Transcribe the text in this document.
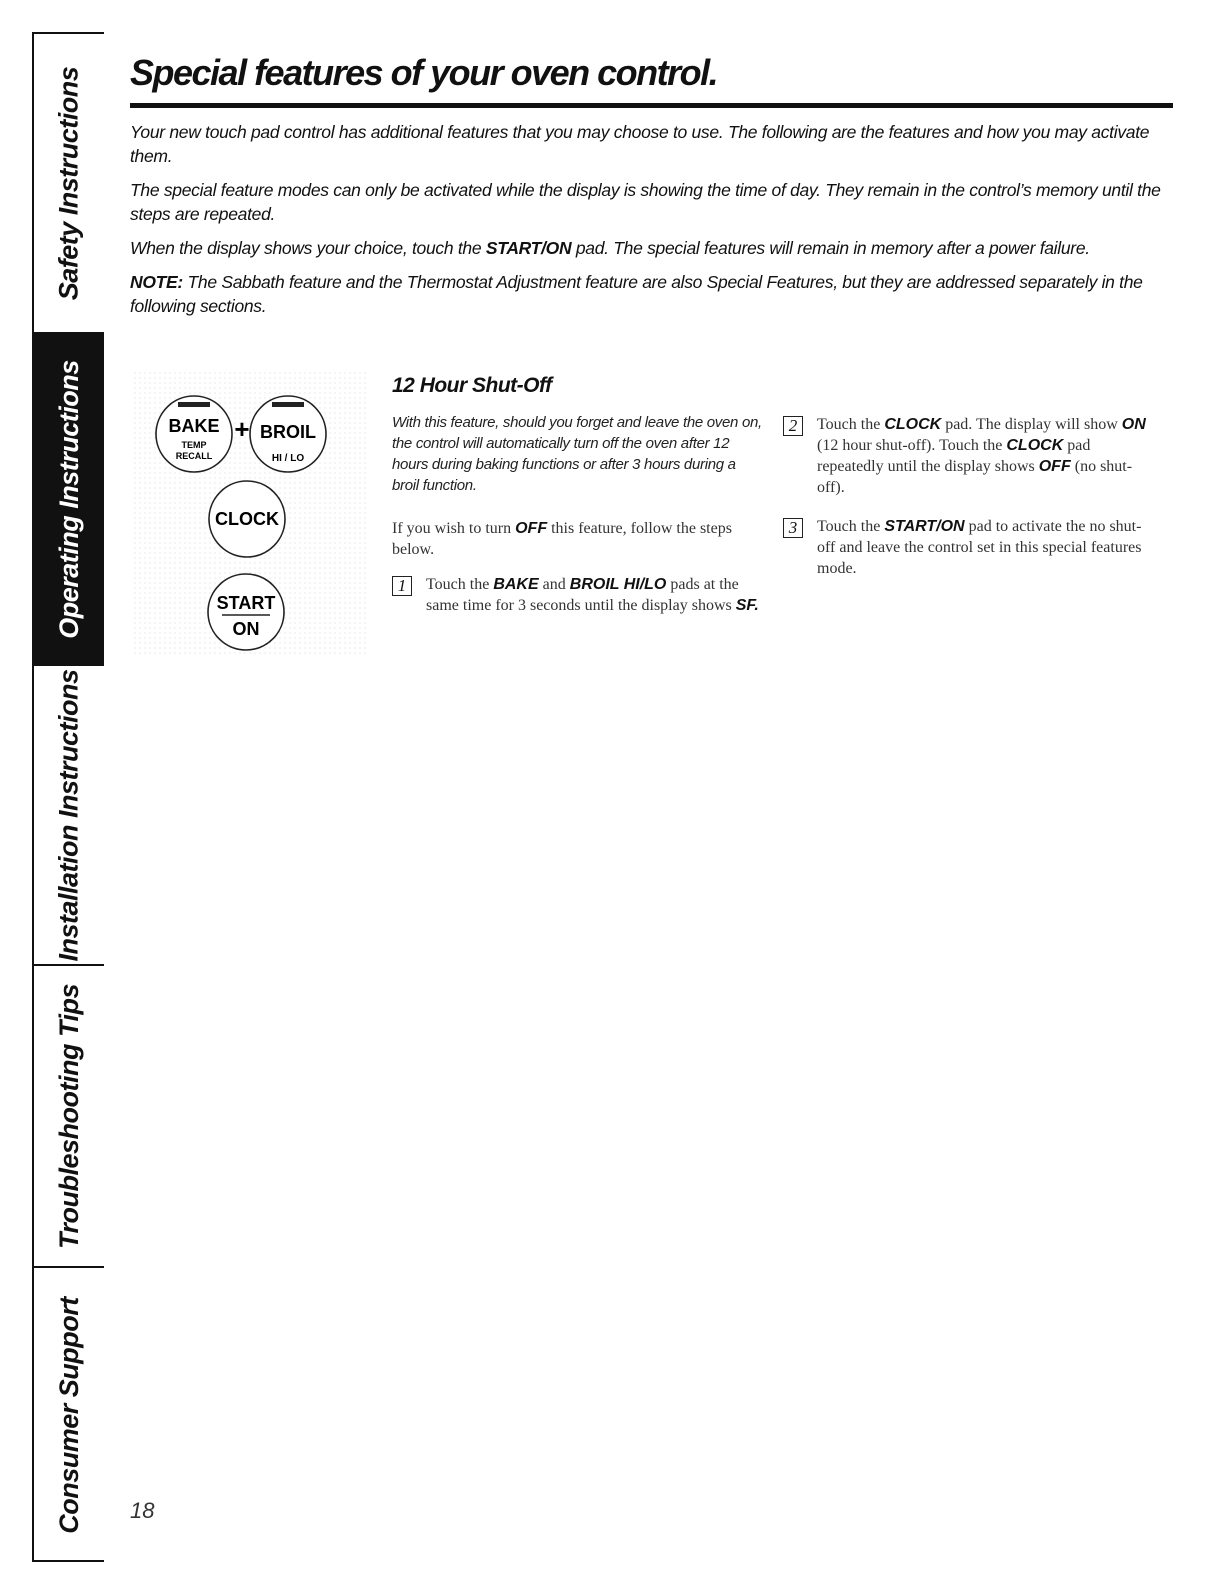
Safety Instructions
Operating Instructions
Installation Instructions
Troubleshooting Tips
Consumer Support
Special features of your oven control.

Your new touch pad control has additional features that you may choose to use. The following are the features and how you may activate them.

The special feature modes can only be activated while the display is showing the time of day. They remain in the control’s memory until the steps are repeated.

When the display shows your choice, touch the START/ON pad. The special features will remain in memory after a power failure.

NOTE: The Sabbath feature and the Thermostat Adjustment feature are also Special Features, but they are addressed separately in the following sections.

BAKE
TEMP
RECALL
+ BROIL
HI / LO
CLOCK
START
ON
12 Hour Shut-Off

With this feature, should you forget and leave the oven on, the control will automatically turn off the oven after 12 hours during baking functions or after 3 hours during a broil function.

If you wish to turn OFF this feature, follow the steps below.

1	Touch the BAKE and BROIL HI/LO pads at the same time for 3 seconds until the display shows SF.
2	Touch the CLOCK pad. The display will show ON (12 hour shut-off). Touch the CLOCK pad repeatedly until the display shows OFF (no shut-off).
3	Touch the START/ON pad to activate the no shut-off and leave the control set in this special features mode.
18
